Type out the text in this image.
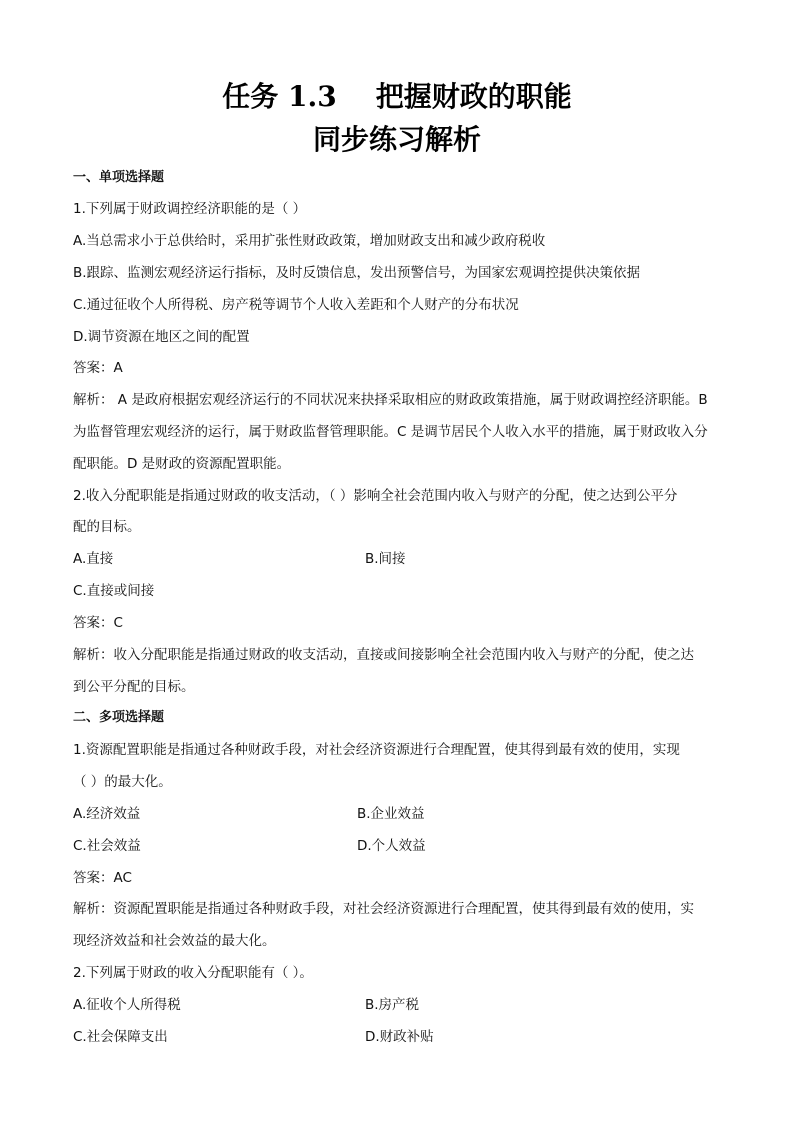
任务 1.3    把握财政的职能
同步练习解析
一、单项选择题
1.下列属于财政调控经济职能的是（ ）
A.当总需求小于总供给时，采用扩张性财政政策，增加财政支出和减少政府税收
B.跟踪、监测宏观经济运行指标，及时反馈信息，发出预警信号，为国家宏观调控提供决策依据
C.通过征收个人所得税、房产税等调节个人收入差距和个人财产的分布状况
D.调节资源在地区之间的配置
答案：A
解析： A 是政府根据宏观经济运行的不同状况来抉择采取相应的财政政策措施，属于财政调控经济职能。B
为监督管理宏观经济的运行，属于财政监督管理职能。C 是调节居民个人收入水平的措施，属于财政收入分
配职能。D 是财政的资源配置职能。
2.收入分配职能是指通过财政的收支活动，（ ）影响全社会范围内收入与财产的分配，使之达到公平分
配的目标。
A.直接	B.间接
C.直接或间接
答案：C
解析：收入分配职能是指通过财政的收支活动，直接或间接影响全社会范围内收入与财产的分配，使之达
到公平分配的目标。
二、多项选择题
1.资源配置职能是指通过各种财政手段，对社会经济资源进行合理配置，使其得到最有效的使用，实现
（ ）的最大化。
A.经济效益	B.企业效益
C.社会效益	D.个人效益
答案：AC
解析：资源配置职能是指通过各种财政手段，对社会经济资源进行合理配置，使其得到最有效的使用，实
现经济效益和社会效益的最大化。
2.下列属于财政的收入分配职能有（ ）。
A.征收个人所得税	B.房产税
C.社会保障支出	D.财政补贴
